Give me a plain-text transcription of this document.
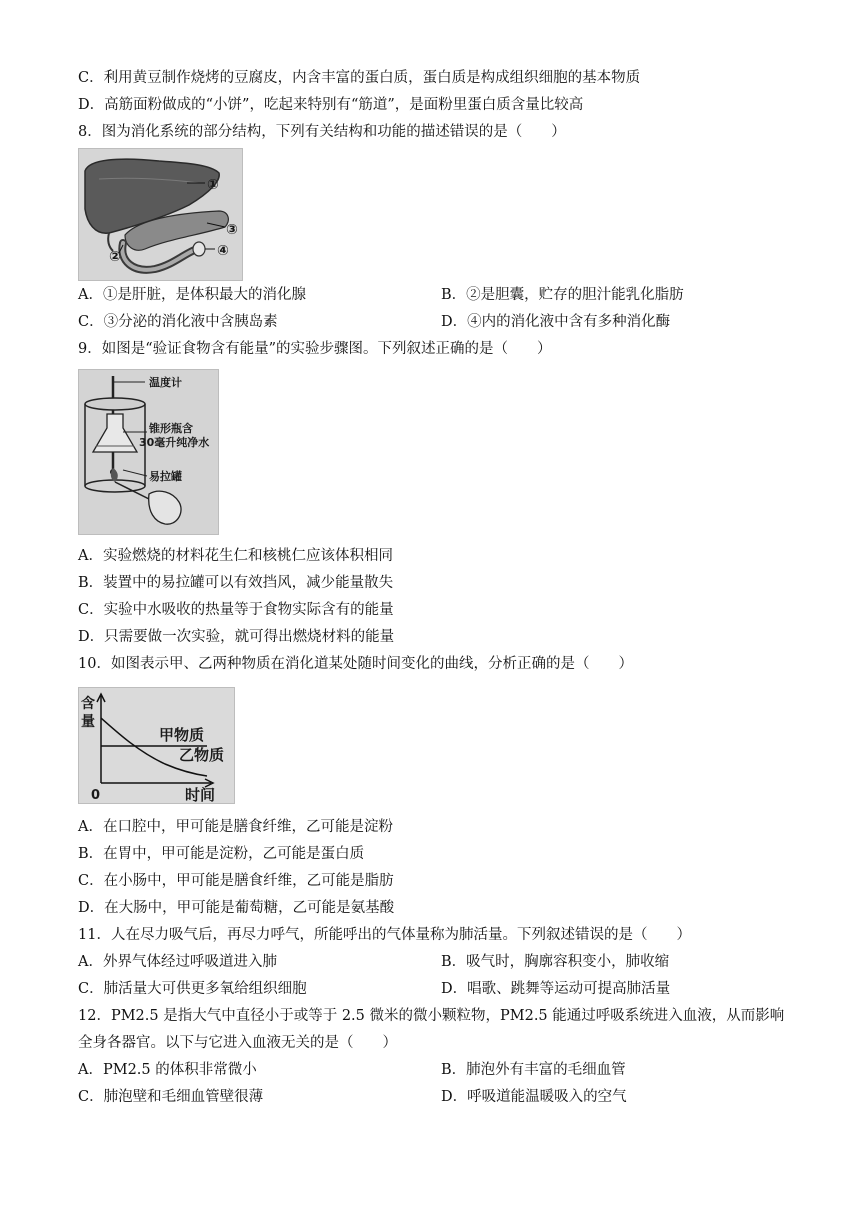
C．利用黄豆制作烧烤的豆腐皮，内含丰富的蛋白质，蛋白质是构成组织细胞的基本物质
D．高筋面粉做成的“小饼”，吃起来特别有“筋道”，是面粉里蛋白质含量比较高
8．图为消化系统的部分结构，下列有关结构和功能的描述错误的是（　　）
①
③
④
②
A．①是肝脏，是体积最大的消化腺	B．②是胆囊，贮存的胆汁能乳化脂肪
C．③分泌的消化液中含胰岛素	D．④内的消化液中含有多种消化酶
9．如图是“验证食物含有能量”的实验步骤图。下列叙述正确的是（　　）
温度计
锥形瓶含
30毫升纯净水
易拉罐
A．实验燃烧的材料花生仁和核桃仁应该体积相同
B．装置中的易拉罐可以有效挡风，减少能量散失
C．实验中水吸收的热量等于食物实际含有的能量
D．只需要做一次实验，就可得出燃烧材料的能量
10．如图表示甲、乙两种物质在消化道某处随时间变化的曲线，分析正确的是（　　）
含
量
0	时间
甲物质
乙物质
A．在口腔中，甲可能是膳食纤维，乙可能是淀粉
B．在胃中，甲可能是淀粉，乙可能是蛋白质
C．在小肠中，甲可能是膳食纤维，乙可能是脂肪
D．在大肠中，甲可能是葡萄糖，乙可能是氨基酸
11．人在尽力吸气后，再尽力呼气，所能呼出的气体量称为肺活量。下列叙述错误的是（　　）
A．外界气体经过呼吸道进入肺	B．吸气时，胸廓容积变小，肺收缩
C．肺活量大可供更多氧给组织细胞	D．唱歌、跳舞等运动可提高肺活量
12．PM2.5 是指大气中直径小于或等于 2.5 微米的微小颗粒物，PM2.5 能通过呼吸系统进入血液，从而影响
全身各器官。以下与它进入血液无关的是（　　）
A．PM2.5 的体积非常微小	B．肺泡外有丰富的毛细血管
C．肺泡壁和毛细血管壁很薄	D．呼吸道能温暖吸入的空气
